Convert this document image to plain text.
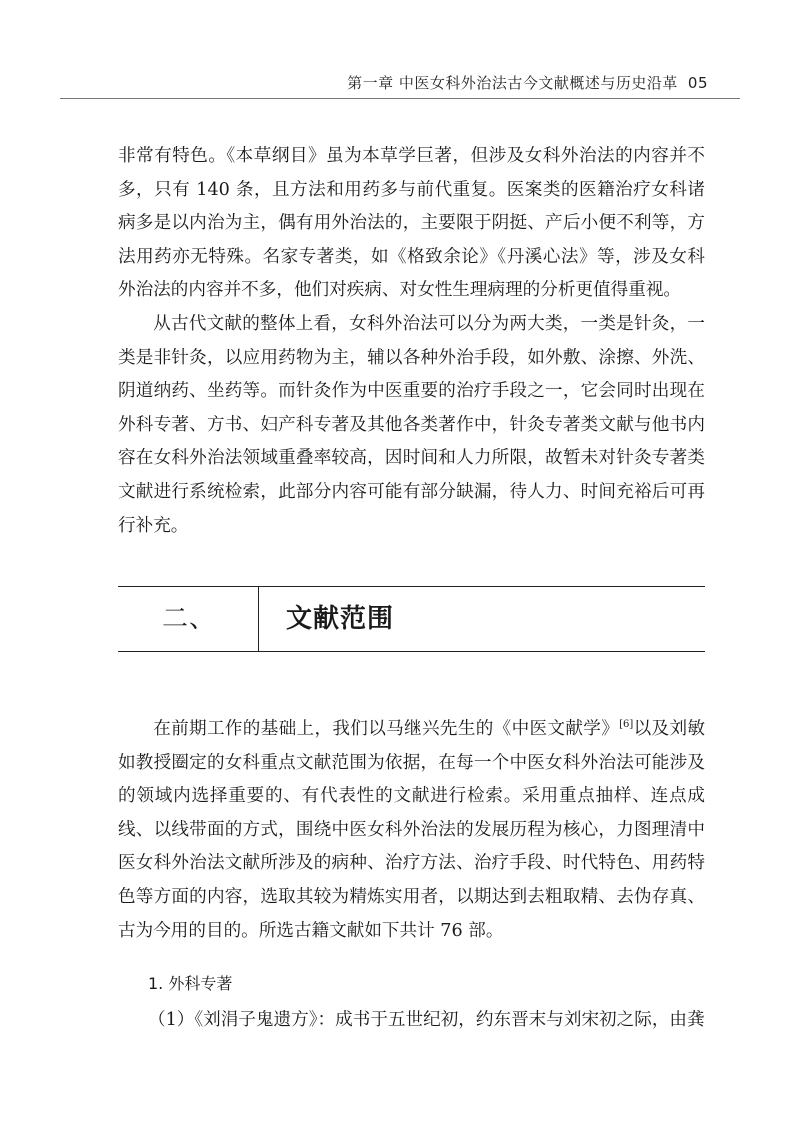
第一章 中医女科外治法古今文献概述与历史沿革 05

非常有特色。《本草纲目》虽为本草学巨著，但涉及女科外治法的内容并不多，只有 140 条，且方法和用药多与前代重复。医案类的医籍治疗女科诸病多是以内治为主，偶有用外治法的，主要限于阴挺、产后小便不利等，方法用药亦无特殊。名家专著类，如《格致余论》《丹溪心法》等，涉及女科外治法的内容并不多，他们对疾病、对女性生理病理的分析更值得重视。

从古代文献的整体上看，女科外治法可以分为两大类，一类是针灸，一类是非针灸，以应用药物为主，辅以各种外治手段，如外敷、涂擦、外洗、阴道纳药、坐药等。而针灸作为中医重要的治疗手段之一，它会同时出现在外科专著、方书、妇产科专著及其他各类著作中，针灸专著类文献与他书内容在女科外治法领域重叠率较高，因时间和人力所限，故暂未对针灸专著类文献进行系统检索，此部分内容可能有部分缺漏，待人力、时间充裕后可再行补充。

二、	文献范围

在前期工作的基础上，我们以马继兴先生的《中医文献学》[6]以及刘敏如教授圈定的女科重点文献范围为依据，在每一个中医女科外治法可能涉及的领域内选择重要的、有代表性的文献进行检索。采用重点抽样、连点成线、以线带面的方式，围绕中医女科外治法的发展历程为核心，力图理清中医女科外治法文献所涉及的病种、治疗方法、治疗手段、时代特色、用药特色等方面的内容，选取其较为精炼实用者，以期达到去粗取精、去伪存真、古为今用的目的。所选古籍文献如下共计 76 部。

1. 外科专著
（1）《刘涓子鬼遗方》：成书于五世纪初，约东晋末与刘宋初之际，由龚
